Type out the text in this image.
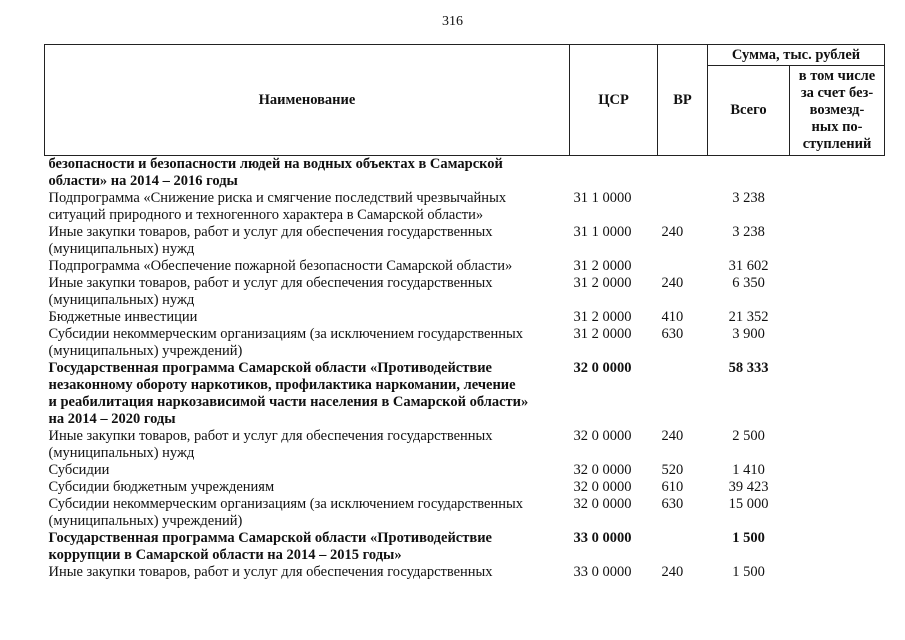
316
Наименование	ЦСР	ВР	Сумма, тыс. рублей	
			Всего	в том числе
за счет без-
возмезд-
ных по-
ступлений

безопасности и безопасности людей на водных объектах в Самарской
области» на 2014 – 2016 годы				

Подпрограмма «Снижение риска и смягчение последствий чрезвычайных
ситуаций природного и техногенного характера в Самарской области»	31 1 0000		3 238	

Иные закупки товаров, работ и услуг для обеспечения государственных
(муниципальных) нужд	31 1 0000	240	3 238	

Подпрограмма «Обеспечение пожарной безопасности Самарской области»	31 2 0000		31 602	

Иные закупки товаров, работ и услуг для обеспечения государственных
(муниципальных) нужд	31 2 0000	240	6 350	

Бюджетные инвестиции	31 2 0000	410	21 352	

Субсидии некоммерческим организациям (за исключением государственных
(муниципальных) учреждений)	31 2 0000	630	3 900	

Государственная программа Самарской области «Противодействие
незаконному обороту наркотиков, профилактика наркомании, лечение
и реабилитация наркозависимой части населения в Самарской области»
на 2014 – 2020 годы	32 0 0000		58 333	

Иные закупки товаров, работ и услуг для обеспечения государственных
(муниципальных) нужд	32 0 0000	240	2 500	

Субсидии	32 0 0000	520	1 410	

Субсидии бюджетным учреждениям	32 0 0000	610	39 423	

Субсидии некоммерческим организациям (за исключением государственных
(муниципальных) учреждений)	32 0 0000	630	15 000	

Государственная программа Самарской области «Противодействие
коррупции в Самарской области на 2014 – 2015 годы»	33 0 0000		1 500	

Иные закупки товаров, работ и услуг для обеспечения государственных	33 0 0000	240	1 500	
